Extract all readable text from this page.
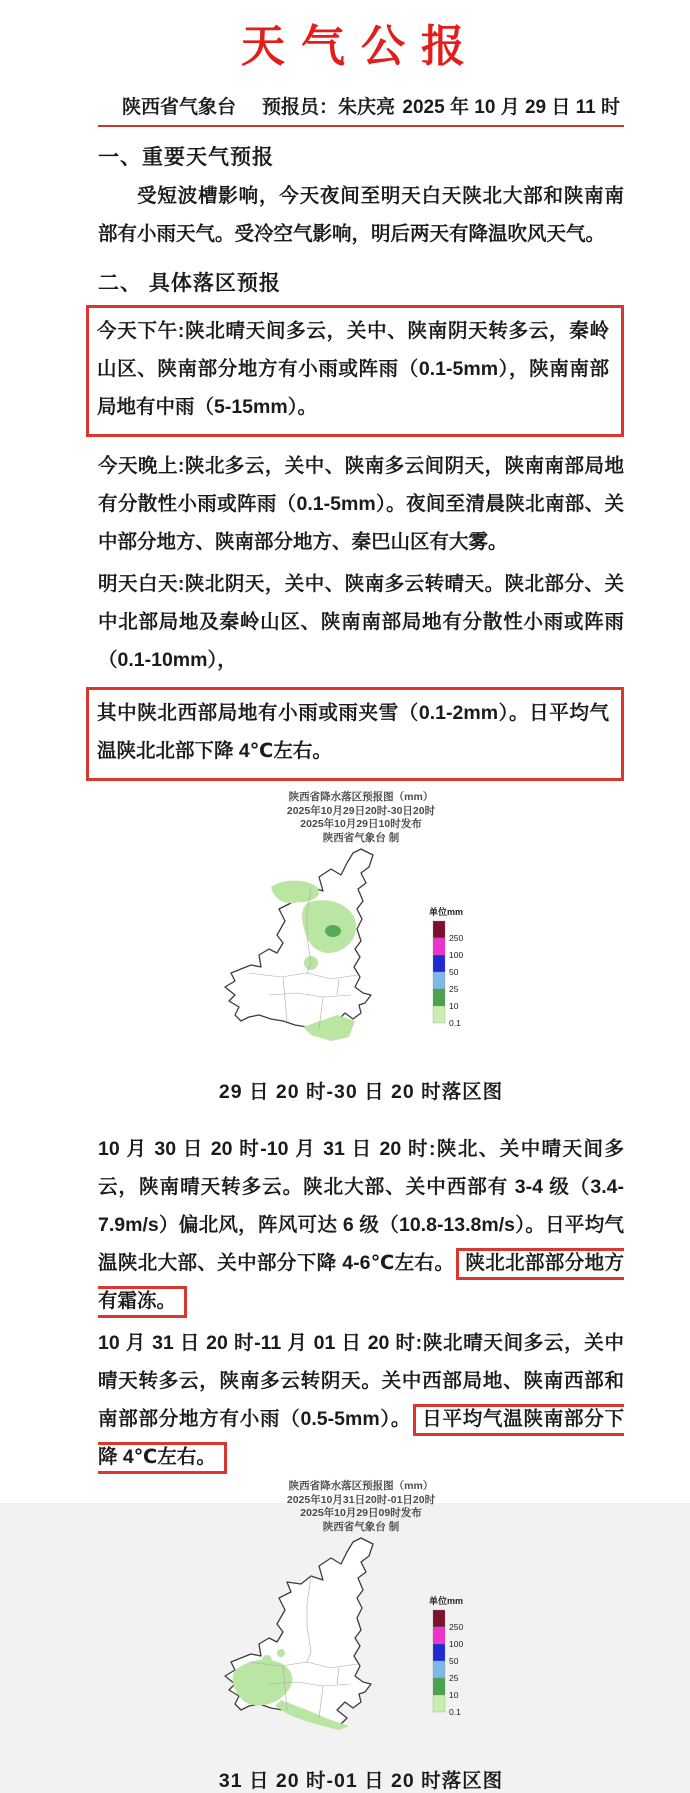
天气公报
陕西省气象台 预报员：朱庆亮 2025 年 10 月 29 日 11 时
一、重要天气预报
受短波槽影响，今天夜间至明天白天陕北大部和陕南南部有小雨天气。受冷空气影响，明后两天有降温吹风天气。
二、 具体落区预报
今天下午:陕北晴天间多云，关中、陕南阴天转多云，秦岭山区、陕南部分地方有小雨或阵雨（0.1-5mm），陕南南部局地有中雨（5-15mm）。
今天晚上:陕北多云，关中、陕南多云间阴天，陕南南部局地有分散性小雨或阵雨（0.1-5mm）。夜间至清晨陕北南部、关中部分地方、陕南部分地方、秦巴山区有大雾。
明天白天:陕北阴天，关中、陕南多云转晴天。陕北部分、关中北部局地及秦岭山区、陕南南部局地有分散性小雨或阵雨（0.1-10mm），
其中陕北西部局地有小雨或雨夹雪（0.1-2mm）。日平均气温陕北北部下降 4℃左右。
陕西省降水落区预报图（mm）
2025年10月29日20时-30日20时
2025年10月29日10时发布
陕西省气象台 制
单位mm
250
100
50
25
10
0.1
29 日 20 时-30 日 20 时落区图
10 月 30 日 20 时-10 月 31 日 20 时:陕北、关中晴天间多云，陕南晴天转多云。陕北大部、关中西部有 3-4 级（3.4-7.9m/s）偏北风，阵风可达 6 级（10.8-13.8m/s）。日平均气温陕北大部、关中部分下降 4-6℃左右。 陕北北部部分地方有霜冻。
10 月 31 日 20 时-11 月 01 日 20 时:陕北晴天间多云，关中晴天转多云，陕南多云转阴天。关中西部局地、陕南西部和南部部分地方有小雨（0.5-5mm）。 日平均气温陕南部分下降 4℃左右。
陕西省降水落区预报图（mm）
2025年10月31日20时-01日20时
2025年10月29日09时发布
陕西省气象台 制
单位mm
250
100
50
25
10
0.1
31 日 20 时-01 日 20 时落区图
